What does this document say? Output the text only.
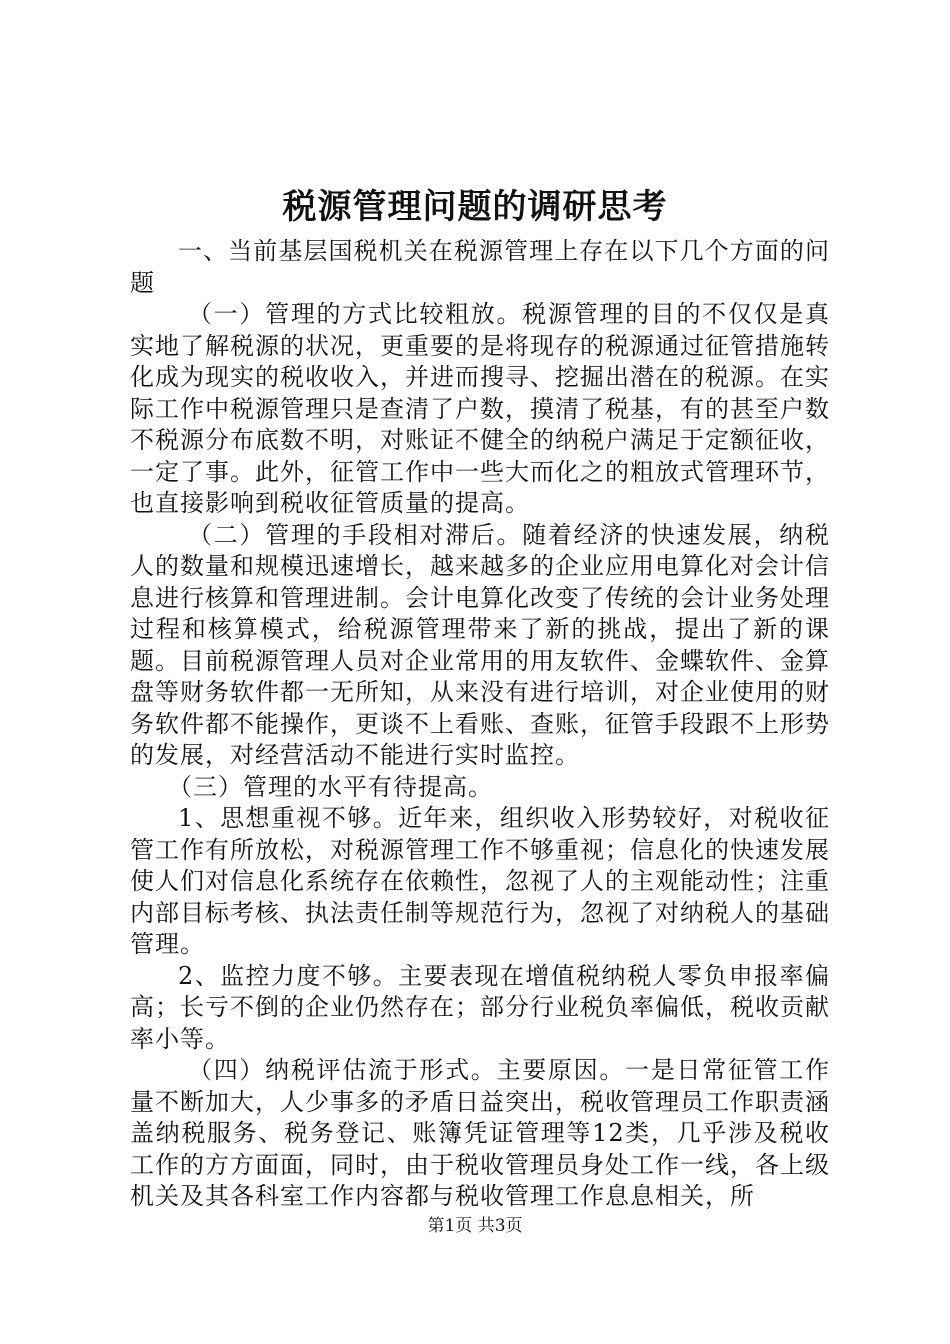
税源管理问题的调研思考

一、当前基层国税机关在税源管理上存在以下几个方面的问题

（一）管理的方式比较粗放。税源管理的目的不仅仅是真实地了解税源的状况，更重要的是将现存的税源通过征管措施转化成为现实的税收收入，并进而搜寻、挖掘出潜在的税源。在实际工作中税源管理只是查清了户数，摸清了税基，有的甚至户数不税源分布底数不明，对账证不健全的纳税户满足于定额征收，一定了事。此外，征管工作中一些大而化之的粗放式管理环节，也直接影响到税收征管质量的提高。

（二）管理的手段相对滞后。随着经济的快速发展，纳税人的数量和规模迅速增长，越来越多的企业应用电算化对会计信息进行核算和管理进制。会计电算化改变了传统的会计业务处理过程和核算模式，给税源管理带来了新的挑战，提出了新的课题。目前税源管理人员对企业常用的用友软件、金蝶软件、金算盘等财务软件都一无所知，从来没有进行培训，对企业使用的财务软件都不能操作，更谈不上看账、查账，征管手段跟不上形势的发展，对经营活动不能进行实时监控。

（三）管理的水平有待提高。

1、思想重视不够。近年来，组织收入形势较好，对税收征管工作有所放松，对税源管理工作不够重视；信息化的快速发展使人们对信息化系统存在依赖性，忽视了人的主观能动性；注重内部目标考核、执法责任制等规范行为，忽视了对纳税人的基础管理。

2、监控力度不够。主要表现在增值税纳税人零负申报率偏高；长亏不倒的企业仍然存在；部分行业税负率偏低，税收贡献率小等。

（四）纳税评估流于形式。主要原因。一是日常征管工作量不断加大，人少事多的矛盾日益突出，税收管理员工作职责涵盖纳税服务、税务登记、账簿凭证管理等12类，几乎涉及税收工作的方方面面，同时，由于税收管理员身处工作一线，各上级机关及其各科室工作内容都与税收管理工作息息相关，所

第1页 共3页
